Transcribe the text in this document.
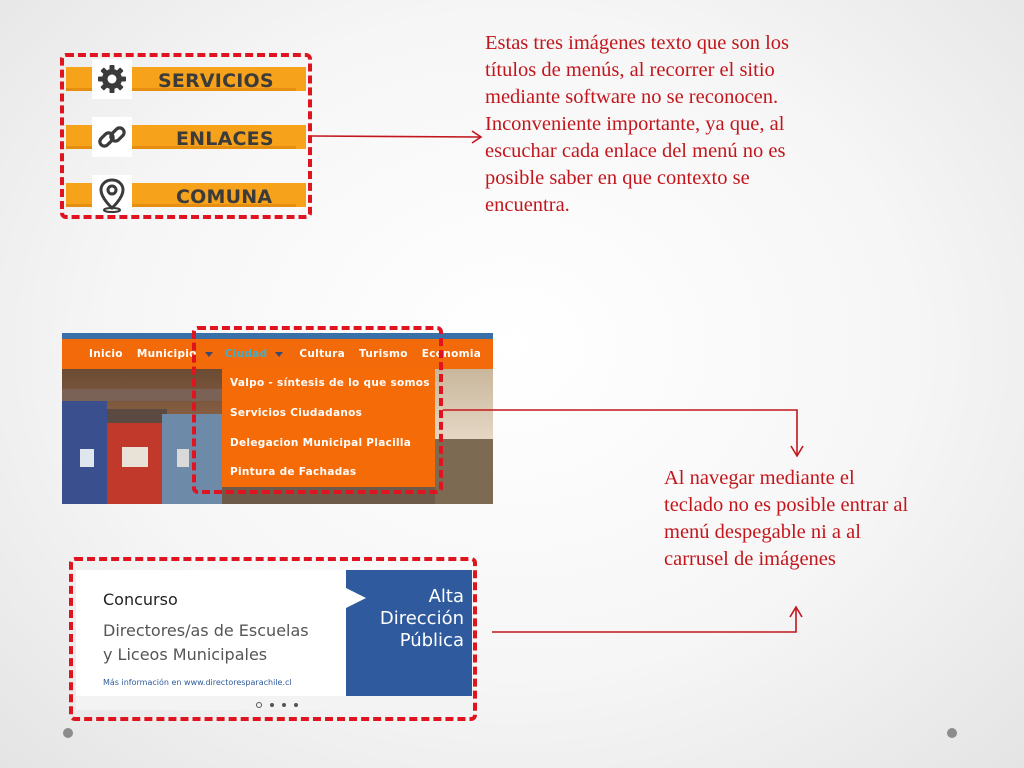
SERVICIOS
ENLACES
COMUNA
Estas tres imágenes texto que son los títulos de menús, al recorrer el sitio mediante software no se reconocen. Inconveniente importante, ya que, al escuchar cada enlace del menú no es posible saber en que contexto se encuentra.
Inicio Municipio	Ciudad	Cultura Turismo Economia
Valpo - síntesis de lo que somos
Servicios Ciudadanos
Delegacion Municipal Placilla
Pintura de Fachadas	Al navegar mediante el teclado no es posible entrar al menú despegable ni a al carrusel de imágenes
Concurso
Directores/as de Escuelas
y Liceos Municipales
Más información en www.directoresparachile.cl
Alta
Dirección
Pública
